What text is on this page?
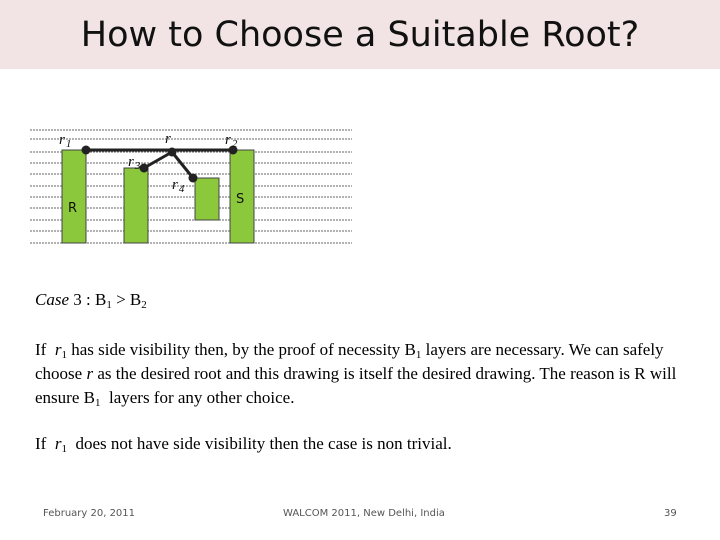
How to Choose a Suitable Root?
$r_1$	r	$r_2$
$r_3$
$r_4$
R
S
Case 3 : $B_1 > B_2$
If $r_1$ has side visibility then, by the proof of necessity $B_1$ layers are necessary. We can safely choose r as the desired root and this drawing is itself the desired drawing. The reason is R will ensure $B_1$ layers for any other choice.
If $r_1$ does not have side visibility then the case is non trivial.
February 20, 2011	WALCOM 2011, New Delhi, India	39
